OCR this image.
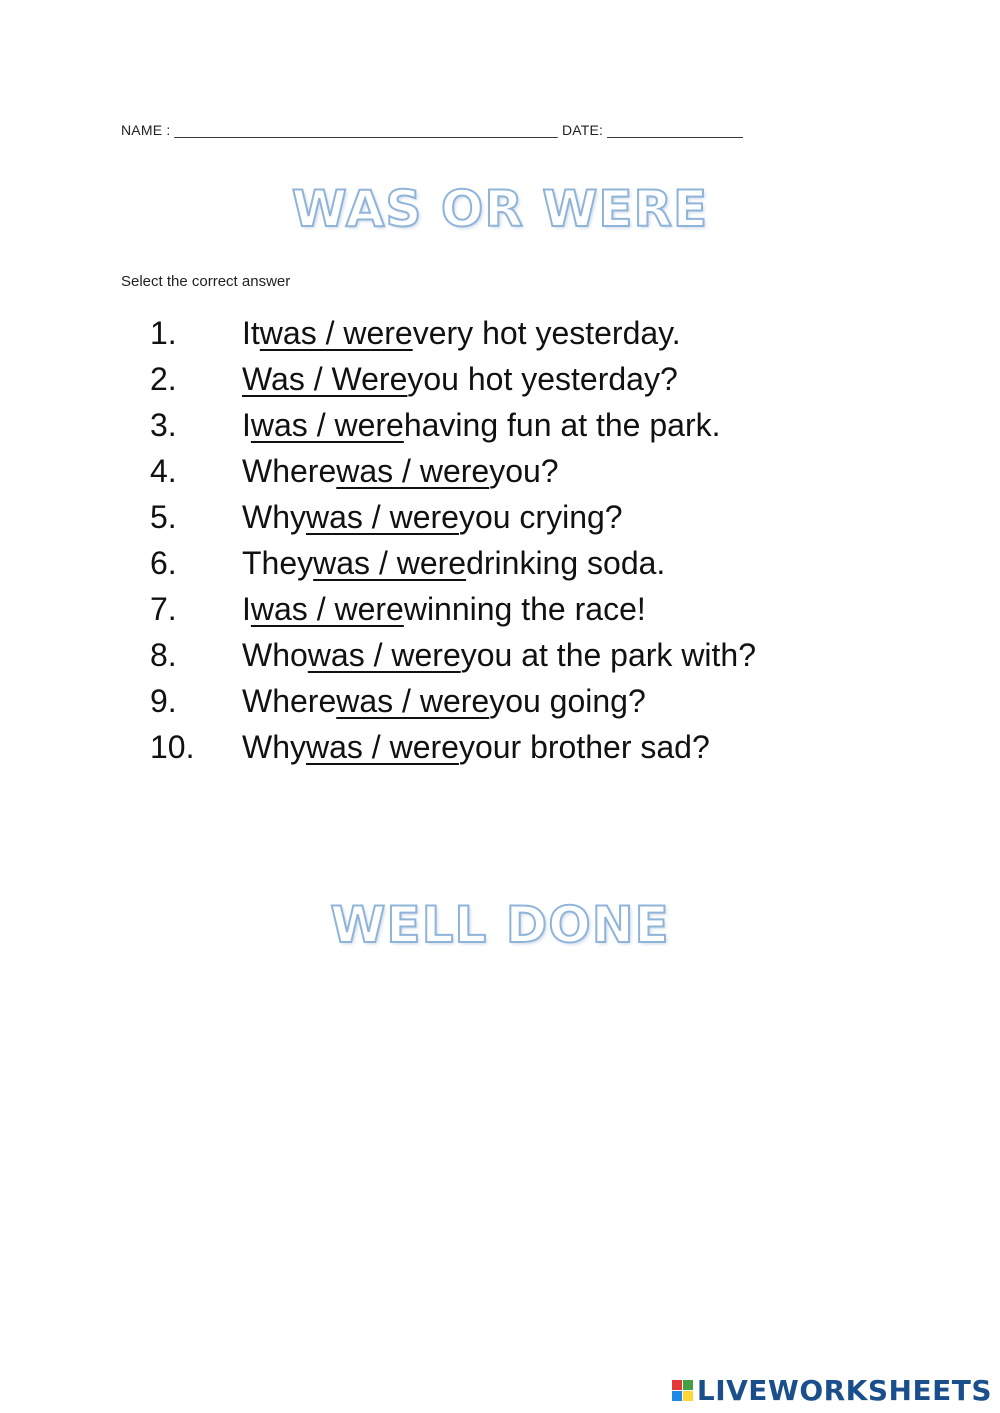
NAME : ________________________________________________ DATE: _________________
WAS OR WERE
Select the correct answer
1.	It was / were very hot yesterday.
2.	Was / Were you hot yesterday?
3.	I was / were having fun at the park.
4.	Where was / were you?
5.	Why was / were you crying?
6.	They was / were drinking soda.
7.	I was / were winning the race!
8.	Who was / were you at the park with?
9.	Where was / were you going?
10.	Why was / were your brother sad?
WELL DONE
LIVEWORKSHEETS
